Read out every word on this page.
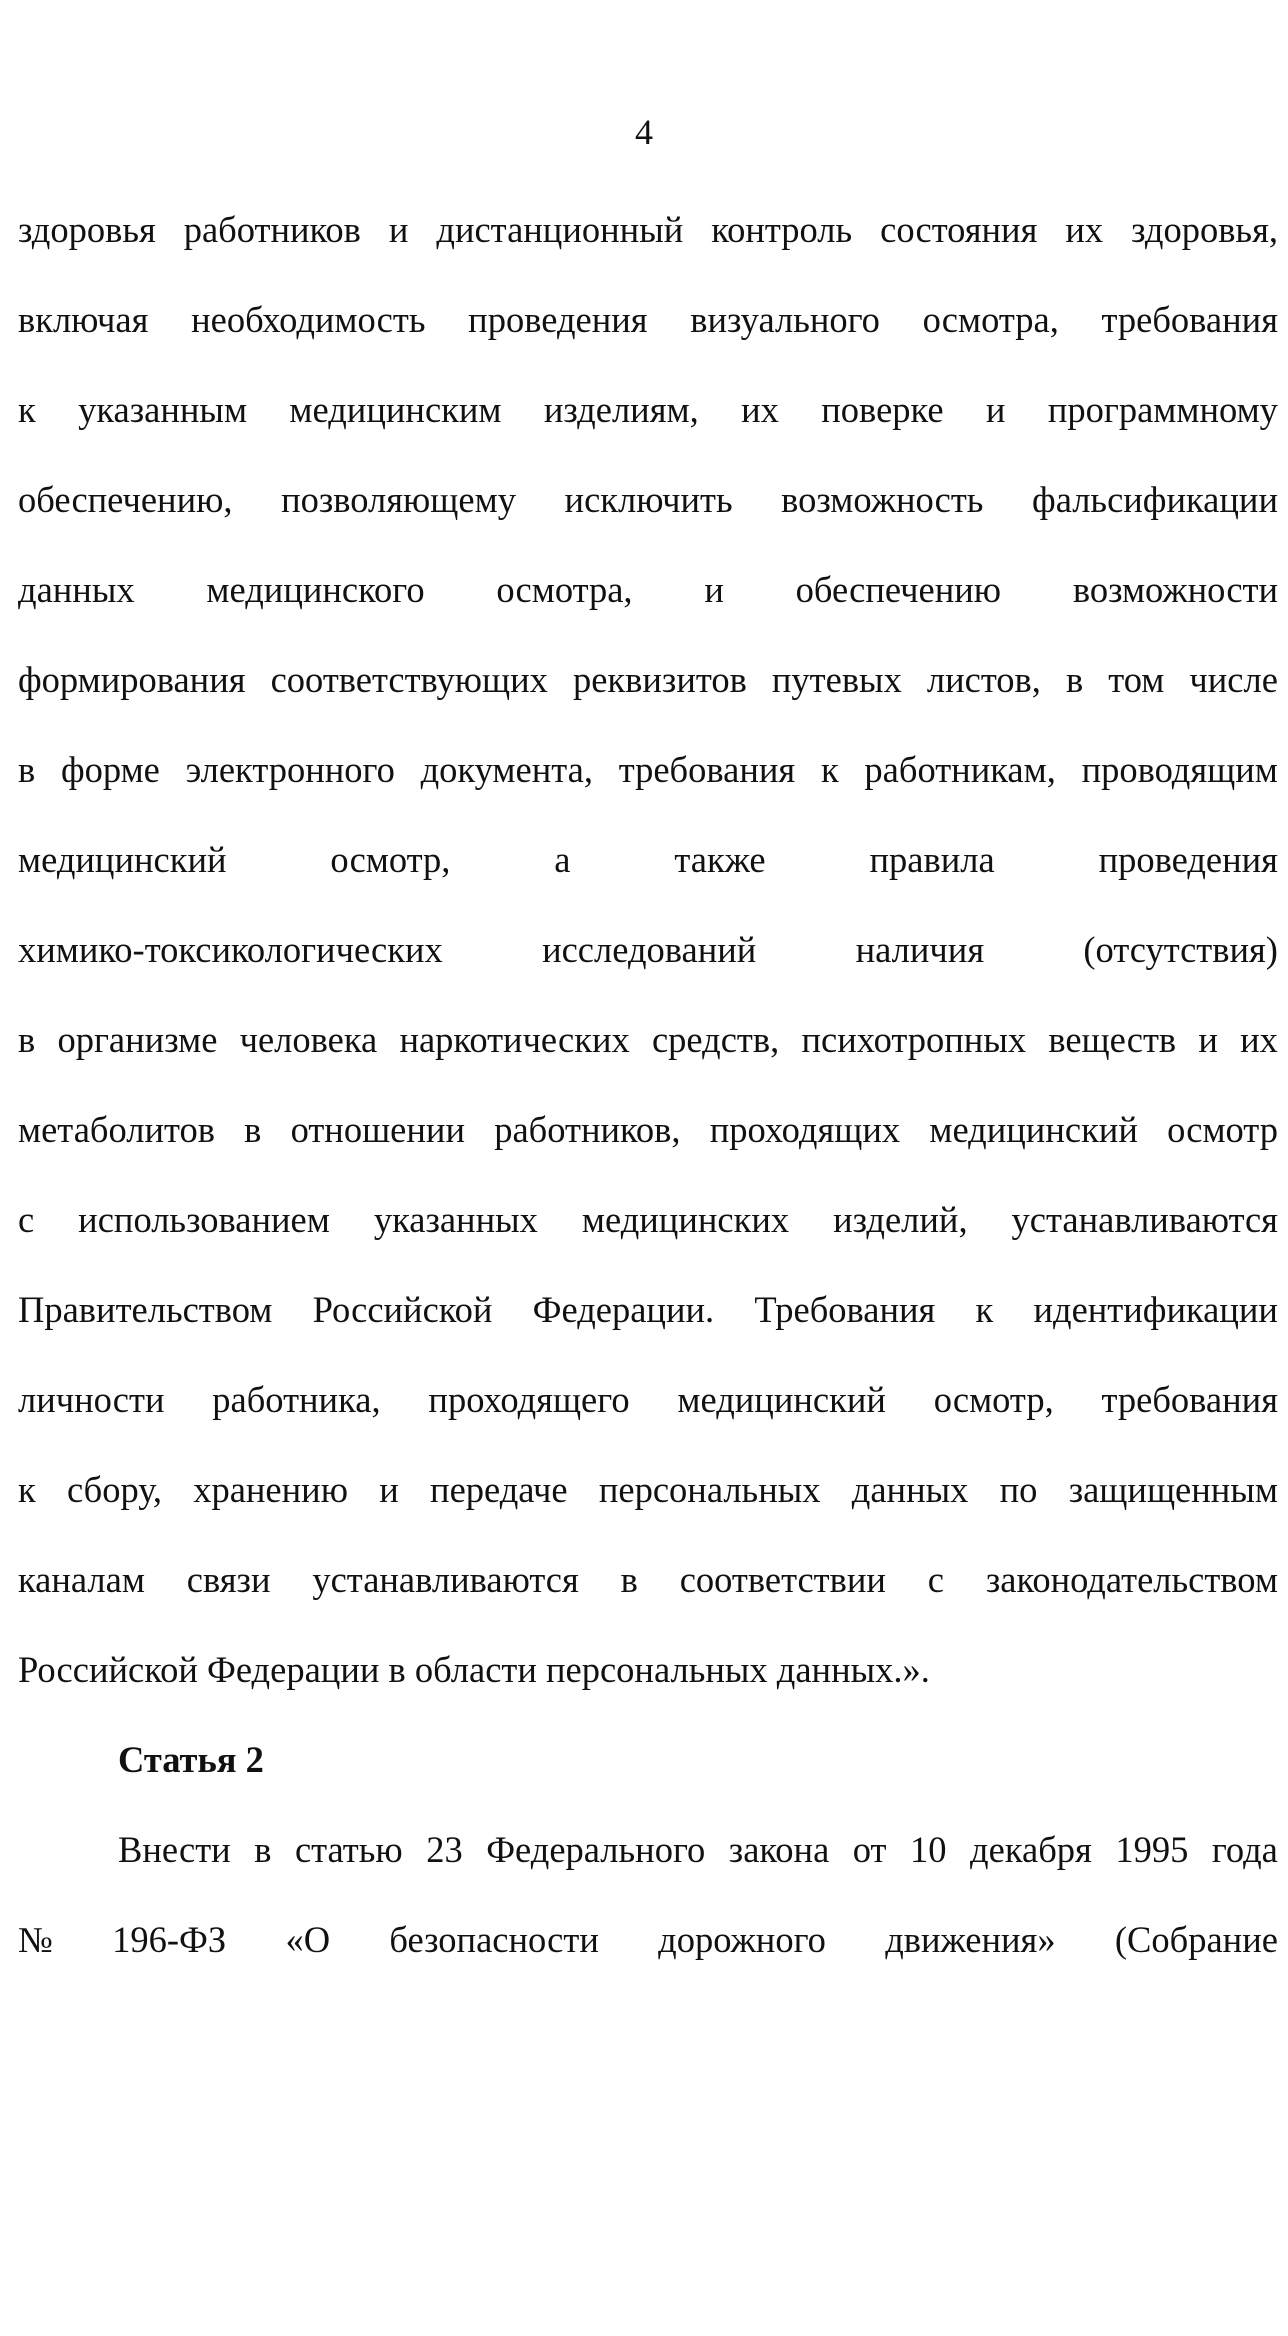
4
здоровья работников и дистанционный контроль состояния их здоровья,
включая необходимость проведения визуального осмотра, требования
к указанным медицинским изделиям, их поверке и программному
обеспечению, позволяющему исключить возможность фальсификации
данных медицинского осмотра, и обеспечению возможности
формирования соответствующих реквизитов путевых листов, в том числе
в форме электронного документа, требования к работникам, проводящим
медицинский	осмотр,	а	также	правила	проведения
химико-токсикологических	исследований	наличия	(отсутствия)
в организме человека наркотических средств, психотропных веществ и их
метаболитов в отношении работников, проходящих медицинский осмотр
с использованием указанных медицинских изделий, устанавливаются
Правительством Российской Федерации. Требования к идентификации
личности работника, проходящего медицинский осмотр, требования
к сбору, хранению и передаче персональных данных по защищенным
каналам связи устанавливаются в соответствии с законодательством
Российской Федерации в области персональных данных.».
Статья 2
Внести в статью 23 Федерального закона от 10 декабря 1995 года
№ 196-ФЗ «О безопасности дорожного движения» (Собрание
